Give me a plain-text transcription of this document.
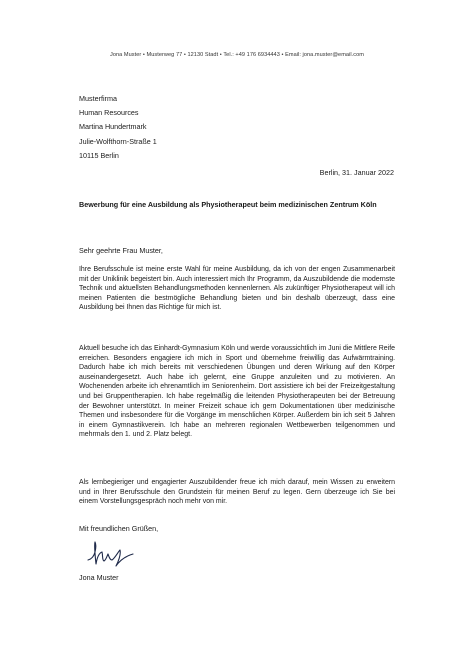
Jona Muster • Musterweg 77 • 12130 Stadt • Tel.: +49 176 6934443 • Email: jona.muster@email.com
Musterfirma
Human Resources
Martina Hundertmark
Julie-Wolfthorn-Straße 1
10115 Berlin
Berlin, 31. Januar 2022
Bewerbung für eine Ausbildung als Physiotherapeut beim medizinischen Zentrum Köln
Sehr geehrte Frau Muster,
Ihre Berufsschule ist meine erste Wahl für meine Ausbildung, da ich von der engen Zusammenarbeit mit der Uniklinik begeistert bin. Auch interessiert mich Ihr Programm, da Auszubildende die modernste Technik und aktuellsten Behandlungsmethoden kennenlernen. Als zukünftiger Physiotherapeut will ich meinen Patienten die bestmögliche Behandlung bieten und bin deshalb überzeugt, dass eine Ausbildung bei Ihnen das Richtige für mich ist.
Aktuell besuche ich das Einhardt-Gymnasium Köln und werde voraussichtlich im Juni die Mittlere Reife erreichen. Besonders engagiere ich mich in Sport und übernehme freiwillig das Aufwärmtraining. Dadurch habe ich mich bereits mit verschiedenen Übungen und deren Wirkung auf den Körper auseinandergesetzt. Auch habe ich gelernt, eine Gruppe anzuleiten und zu motivieren. An Wochenenden arbeite ich ehrenamtlich im Seniorenheim. Dort assistiere ich bei der Freizeitgestaltung und bei Gruppentherapien. Ich habe regelmäßig die leitenden Physiotherapeuten bei der Betreuung der Bewohner unterstützt. In meiner Freizeit schaue ich gern Dokumentationen über medizinische Themen und insbesondere für die Vorgänge im menschlichen Körper. Außerdem bin ich seit 5 Jahren in einem Gymnastikverein. Ich habe an mehreren regionalen Wettbewerben teilgenommen und mehrmals den 1. und 2. Platz belegt.
Als lernbegieriger und engagierter Auszubildender freue ich mich darauf, mein Wissen zu erweitern und in Ihrer Berufsschule den Grundstein für meinen Beruf zu legen. Gern überzeuge ich Sie bei einem Vorstellungsgespräch noch mehr von mir.
Mit freundlichen Grüßen,
Jona Muster
